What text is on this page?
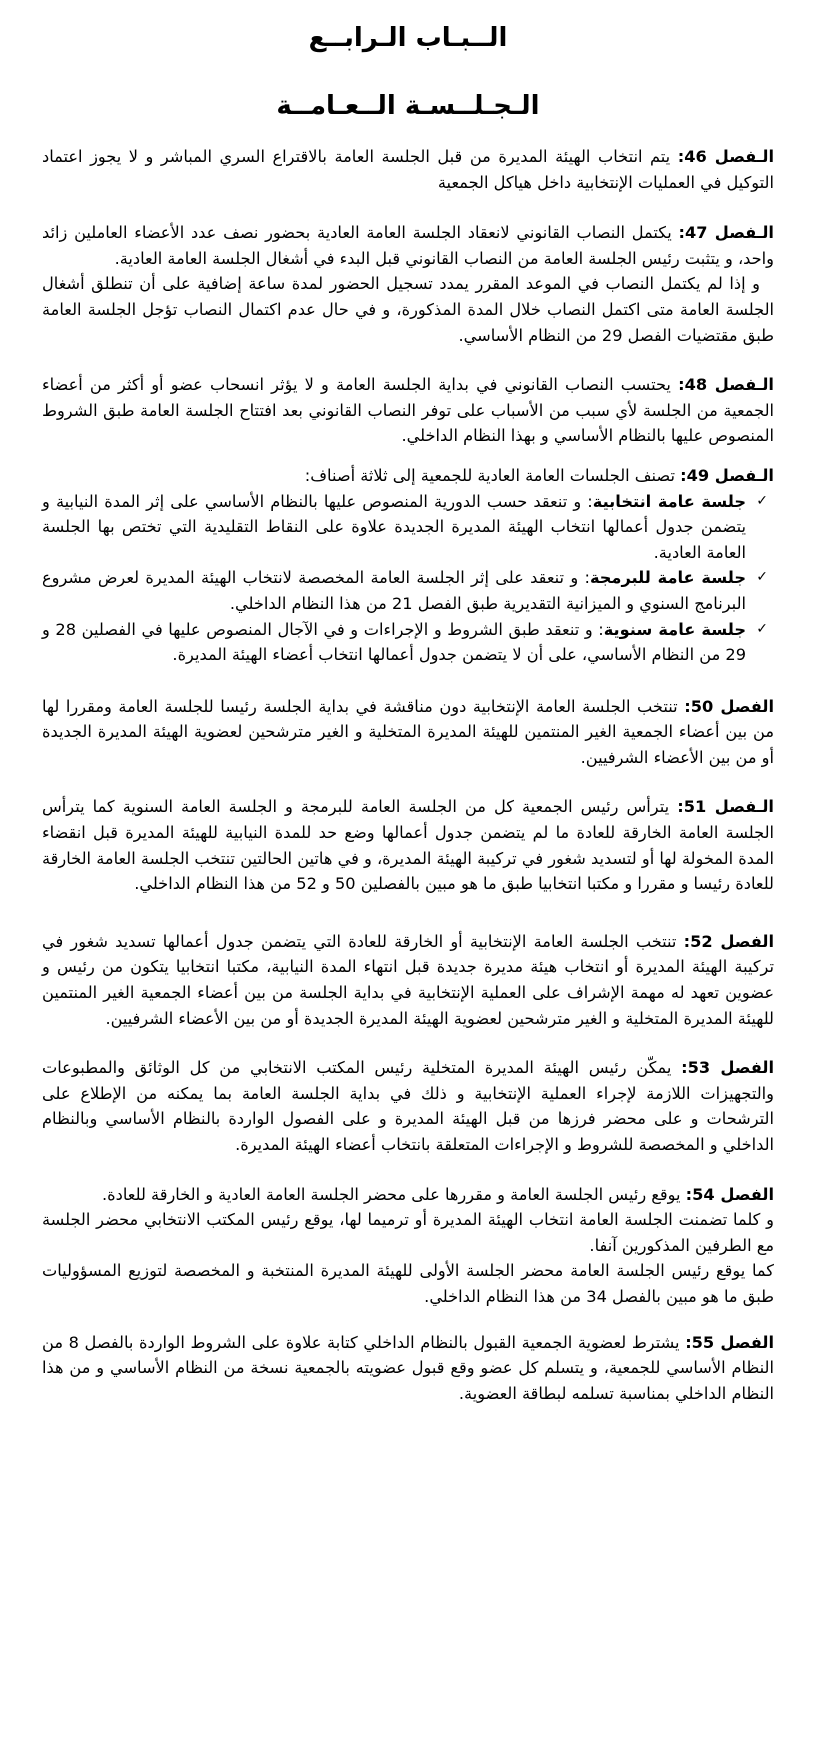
الــبـاب الـرابــع
الـجـلــسـة الــعـامــة

الـفصل 46: يتم انتخاب الهيئة المديرة من قبل الجلسة العامة بالاقتراع السري المباشر و لا يجوز اعتماد التوكيل في العمليات الإنتخابية داخل هياكل الجمعية

الـفصل 47: يكتمل النصاب القانوني لانعقاد الجلسة العامة العادية بحضور نصف عدد الأعضاء العاملين زائد واحد، و يتثبت رئيس الجلسة العامة من النصاب القانوني قبل البدء في أشغال الجلسة العامة العادية.

و إذا لم يكتمل النصاب في الموعد المقرر يمدد تسجيل الحضور لمدة ساعة إضافية على أن تنطلق أشغال الجلسة العامة متى اكتمل النصاب خلال المدة المذكورة، و في حال عدم اكتمال النصاب تؤجل الجلسة العامة طبق مقتضيات الفصل 29 من النظام الأساسي.

الـفصل 48: يحتسب النصاب القانوني في بداية الجلسة العامة و لا يؤثر انسحاب عضو أو أكثر من أعضاء الجمعية من الجلسة لأي سبب من الأسباب على توفر النصاب القانوني بعد افتتاح الجلسة العامة طبق الشروط المنصوص عليها بالنظام الأساسي و بهذا النظام الداخلي.

الـفصل 49: تصنف الجلسات العامة العادية للجمعية إلى ثلاثة أصناف:

✓
جلسة عامة انتخابية: و تنعقد حسب الدورية المنصوص عليها بالنظام الأساسي على إثر المدة النيابية و يتضمن جدول أعمالها انتخاب الهيئة المديرة الجديدة علاوة على النقاط التقليدية التي تختص بها الجلسة العامة العادية.
✓
جلسة عامة للبرمجة: و تنعقد على إثر الجلسة العامة المخصصة لانتخاب الهيئة المديرة لعرض مشروع البرنامج السنوي و الميزانية التقديرية طبق الفصل 21 من هذا النظام الداخلي.
✓
جلسة عامة سنوية: و تنعقد طبق الشروط و الإجراءات و في الآجال المنصوص عليها في الفصلين 28 و 29 من النظام الأساسي، على أن لا يتضمن جدول أعمالها انتخاب أعضاء الهيئة المديرة.

الفصل 50: تنتخب الجلسة العامة الإنتخابية دون مناقشة في بداية الجلسة رئيسا للجلسة العامة ومقررا لها من بين أعضاء الجمعية الغير المنتمين للهيئة المديرة المتخلية و الغير مترشحين لعضوية الهيئة المديرة الجديدة أو من بين الأعضاء الشرفيين.

الـفصل 51: يترأس رئيس الجمعية كل من الجلسة العامة للبرمجة و الجلسة العامة السنوية كما يترأس الجلسة العامة الخارقة للعادة ما لم يتضمن جدول أعمالها وضع حد للمدة النيابية للهيئة المديرة قبل انقضاء المدة المخولة لها أو لتسديد شغور في تركيبة الهيئة المديرة، و في هاتين الحالتين تنتخب الجلسة العامة الخارقة للعادة رئيسا و مقررا و مكتبا انتخابيا طبق ما هو مبين بالفصلين 50 و 52 من هذا النظام الداخلي.

الفصل 52: تنتخب الجلسة العامة الإنتخابية أو الخارقة للعادة التي يتضمن جدول أعمالها تسديد شغور في تركيبة الهيئة المديرة أو انتخاب هيئة مديرة جديدة قبل انتهاء المدة النيابية، مكتبا انتخابيا يتكون من رئيس و عضوين تعهد له مهمة الإشراف على العملية الإنتخابية في بداية الجلسة من بين أعضاء الجمعية الغير المنتمين للهيئة المديرة المتخلية و الغير مترشحين لعضوية الهيئة المديرة الجديدة أو من بين الأعضاء الشرفيين.

الفصل 53: يمكّن رئيس الهيئة المديرة المتخلية رئيس المكتب الانتخابي من كل الوثائق والمطبوعات والتجهيزات اللازمة لإجراء العملية الإنتخابية و ذلك في بداية الجلسة العامة بما يمكنه من الإطلاع على الترشحات و على محضر فرزها من قبل الهيئة المديرة و على الفصول الواردة بالنظام الأساسي وبالنظام الداخلي و المخصصة للشروط و الإجراءات المتعلقة بانتخاب أعضاء الهيئة المديرة.

الفصل 54: يوقع رئيس الجلسة العامة و مقررها على محضر الجلسة العامة العادية و الخارقة للعادة.

و كلما تضمنت الجلسة العامة انتخاب الهيئة المديرة أو ترميما لها، يوقع رئيس المكتب الانتخابي محضر الجلسة مع الطرفين المذكورين آنفا.

كما يوقع رئيس الجلسة العامة محضر الجلسة الأولى للهيئة المديرة المنتخبة و المخصصة لتوزيع المسؤوليات طبق ما هو مبين بالفصل 34 من هذا النظام الداخلي.

الفصل 55: يشترط لعضوية الجمعية القبول بالنظام الداخلي كتابة علاوة على الشروط الواردة بالفصل 8 من النظام الأساسي للجمعية، و يتسلم كل عضو وقع قبول عضويته بالجمعية نسخة من النظام الأساسي و من هذا النظام الداخلي بمناسبة تسلمه لبطاقة العضوية.
